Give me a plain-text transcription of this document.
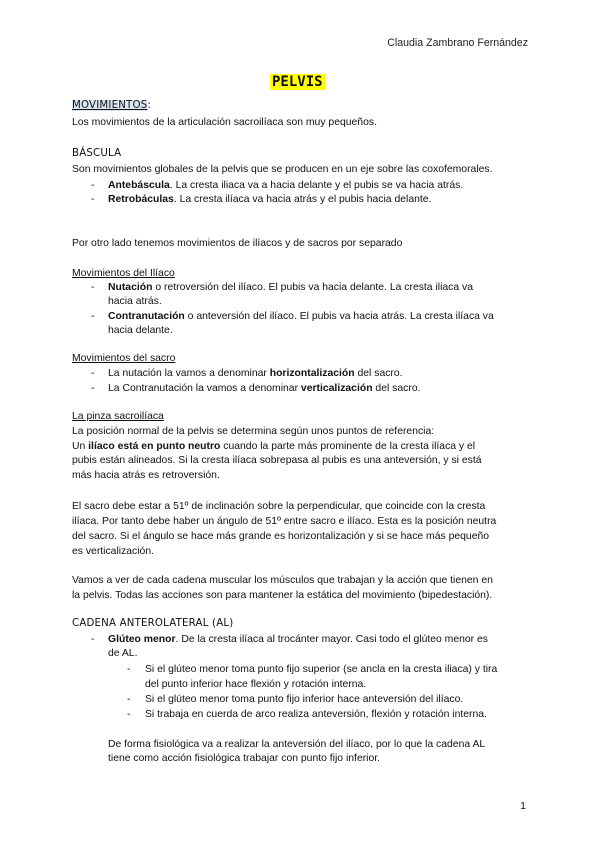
Claudia Zambrano Fernández
PELVIS
MOVIMIENTOS:
Los movimientos de la articulación sacroilíaca son muy pequeños.
BÁSCULA
Son movimientos globales de la pelvis que se producen en un eje sobre las coxofemorales.
- Antebáscula. La cresta iliaca va a hacia delante y el pubis se va hacia atrás.
- Retrobáculas. La cresta ilíaca va hacia atrás y el pubis hacia delante.
Por otro lado tenemos movimientos de ilíacos y de sacros por separado
Movimientos del Ilíaco
- Nutación o retroversión del ilíaco. El pubis va hacia delante. La cresta iliaca va
hacia atrás.
- Contranutación o anteversión del ilíaco. El pubis va hacia atrás. La cresta ilíaca va
hacia delante.
Movimientos del sacro
- La nutación la vamos a denominar horizontalización del sacro.
- La Contranutación la vamos a denominar verticalización del sacro.
La pinza sacroilíaca
La posición normal de la pelvis se determina según unos puntos de referencia:
Un ilíaco está en punto neutro cuando la parte más prominente de la cresta ilíaca y el
pubis están alineados. Si la cresta ilíaca sobrepasa al pubis es una anteversión, y si está
más hacia atrás es retroversión.
El sacro debe estar a 51º de inclinación sobre la perpendicular, que coincide con la cresta
ilíaca. Por tanto debe haber un ángulo de 51º entre sacro e ilíaco. Esta es la posición neutra
del sacro. Si el ángulo se hace más grande es horizontalización y si se hace más pequeño
es verticalización.
Vamos a ver de cada cadena muscular los músculos que trabajan y la acción que tienen en
la pelvis. Todas las acciones son para mantener la estática del movimiento (bipedestación).
CADENA ANTEROLATERAL (AL)
- Glúteo menor. De la cresta ilíaca al trocánter mayor. Casi todo el glúteo menor es
de AL.
- Si el glúteo menor toma punto fijo superior (se ancla en la cresta iliaca) y tira
del punto inferior hace flexión y rotación interna.
- Si el glúteo menor toma punto fijo inferior hace anteversión del ilíaco.
- Si trabaja en cuerda de arco realiza anteversión, flexión y rotación interna.
De forma fisiológica va a realizar la anteversión del ilíaco, por lo que la cadena AL
tiene como acción fisiológica trabajar con punto fijo inferior.
1
